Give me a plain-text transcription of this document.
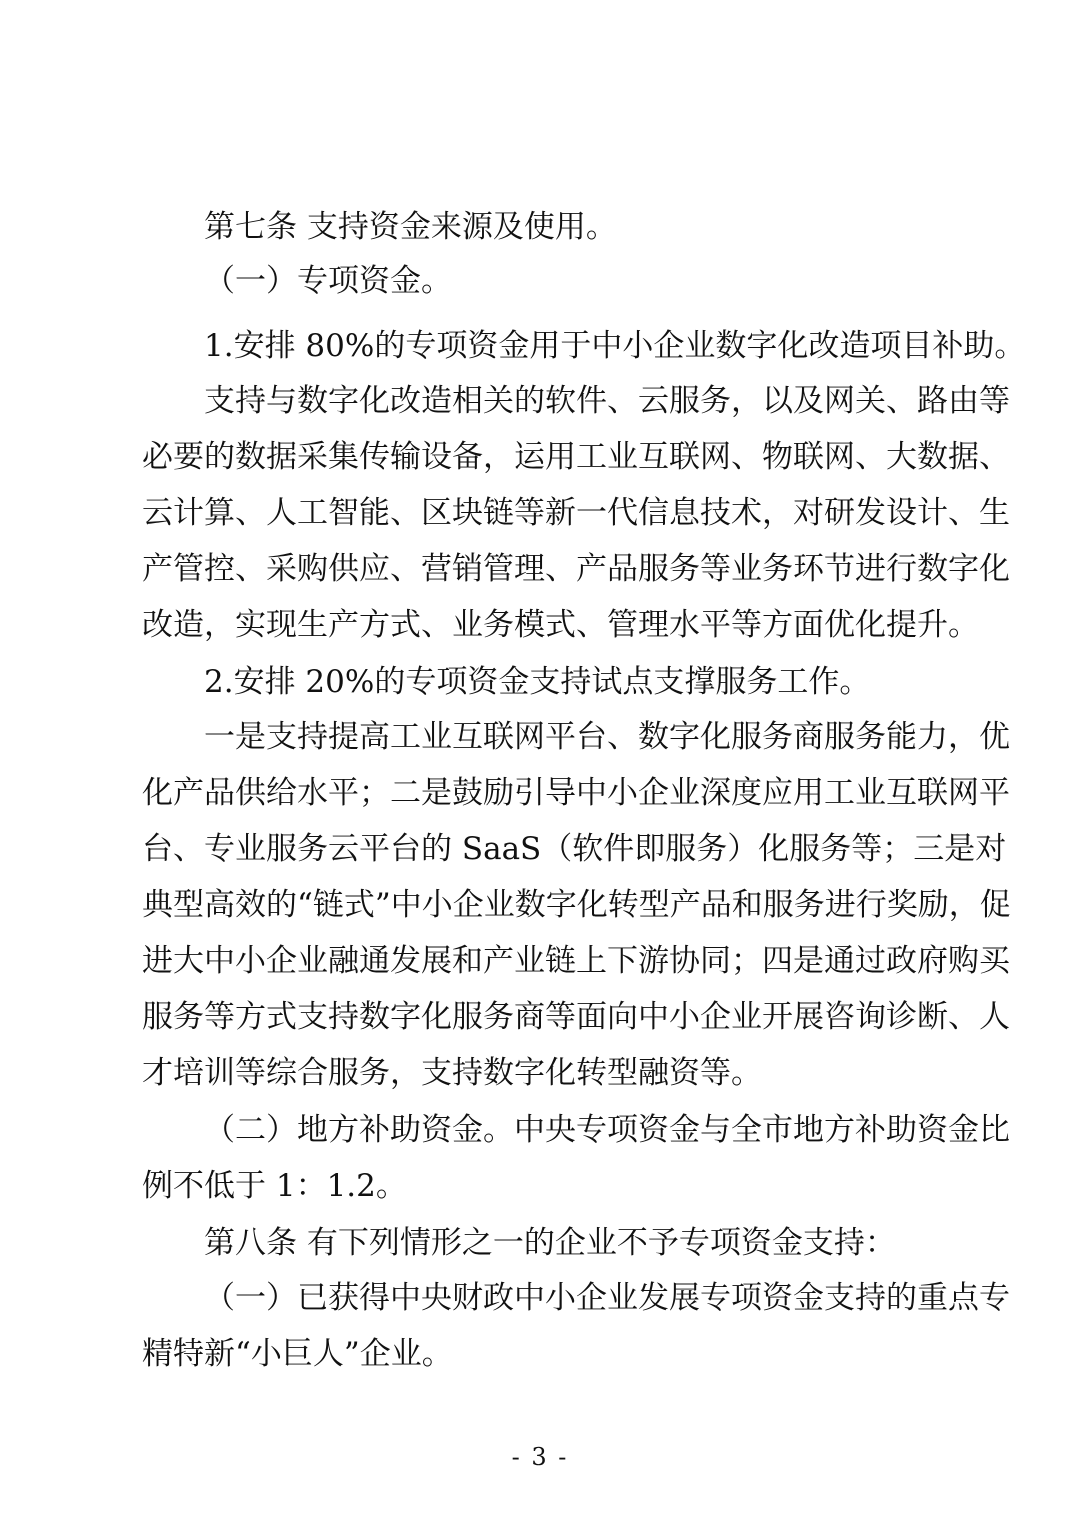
第七条 支持资金来源及使用。
（一）专项资金。
1.安排 80%的专项资金用于中小企业数字化改造项目补助。
支持与数字化改造相关的软件、云服务，以及网关、路由等
必要的数据采集传输设备，运用工业互联网、物联网、大数据、
云计算、人工智能、区块链等新一代信息技术，对研发设计、生
产管控、采购供应、营销管理、产品服务等业务环节进行数字化
改造，实现生产方式、业务模式、管理水平等方面优化提升。
2.安排 20%的专项资金支持试点支撑服务工作。
一是支持提高工业互联网平台、数字化服务商服务能力，优
化产品供给水平；二是鼓励引导中小企业深度应用工业互联网平
台、专业服务云平台的 SaaS（软件即服务）化服务等；三是对
典型高效的“链式”中小企业数字化转型产品和服务进行奖励，促
进大中小企业融通发展和产业链上下游协同；四是通过政府购买
服务等方式支持数字化服务商等面向中小企业开展咨询诊断、人
才培训等综合服务，支持数字化转型融资等。
（二）地方补助资金。中央专项资金与全市地方补助资金比
例不低于 1：1.2。
第八条 有下列情形之一的企业不予专项资金支持：
（一）已获得中央财政中小企业发展专项资金支持的重点专
精特新“小巨人”企业。
- 3 -
